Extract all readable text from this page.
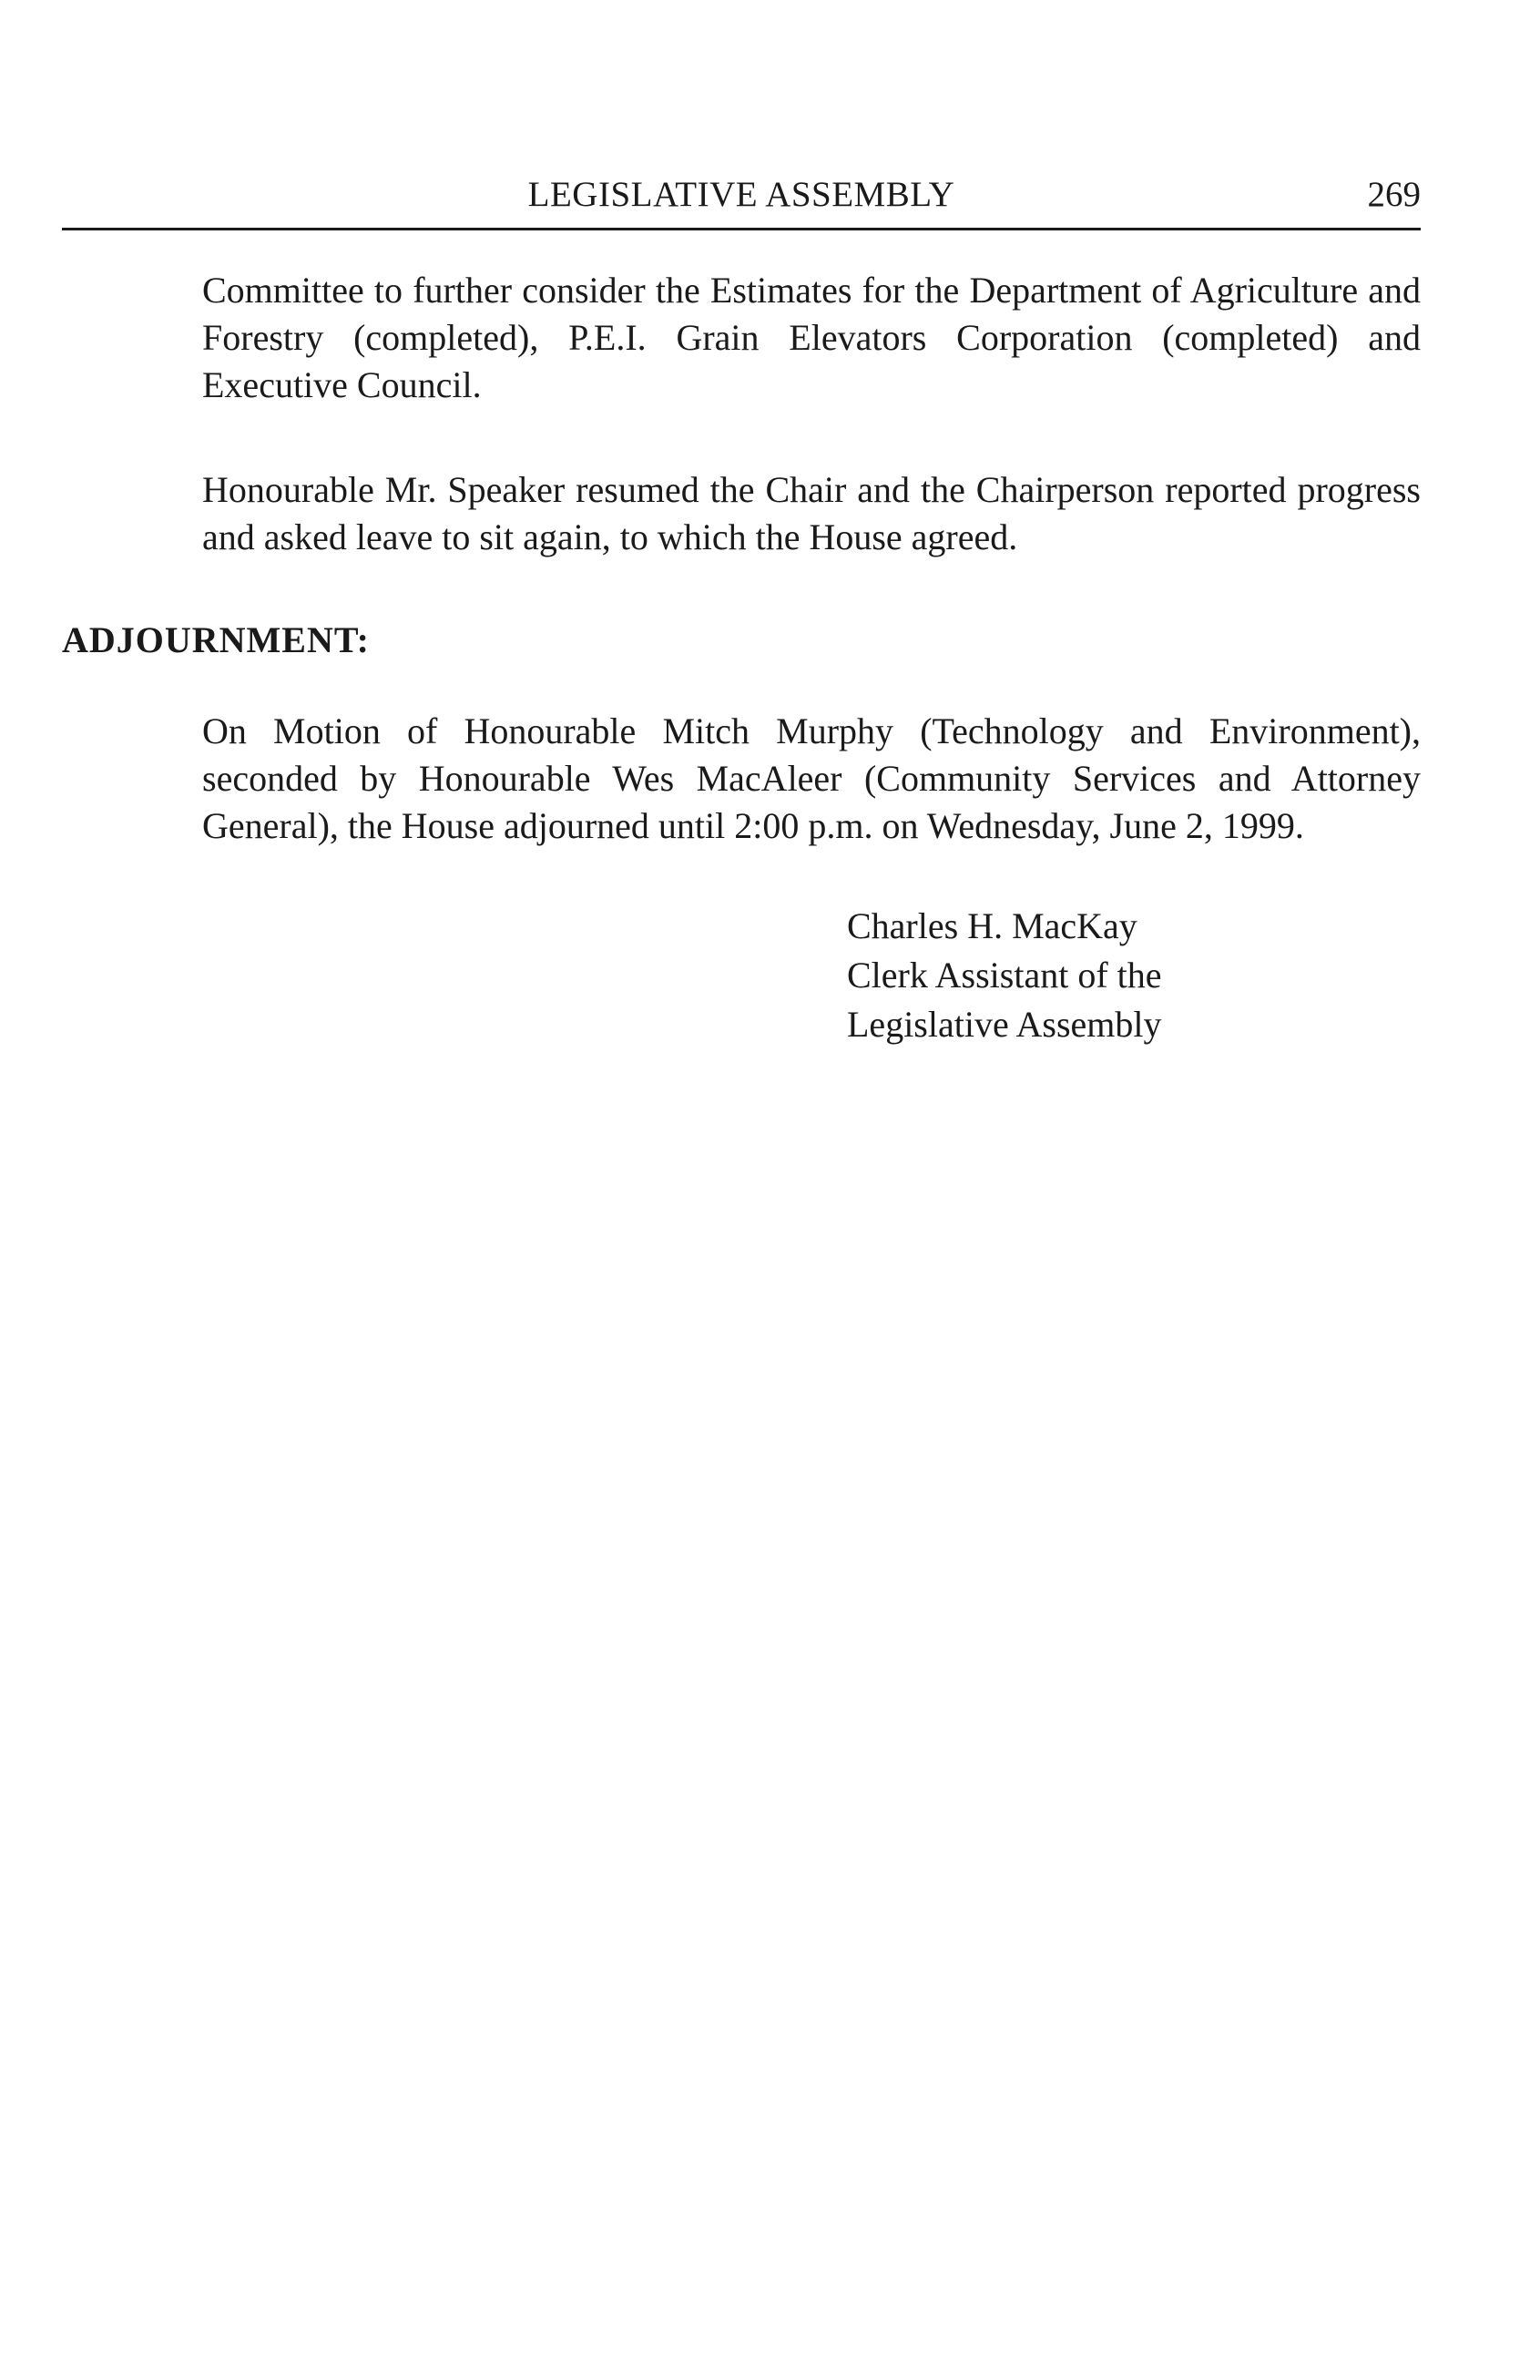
LEGISLATIVE ASSEMBLY	269

Committee to further consider the Estimates for the Department of Agriculture and Forestry (completed), P.E.I. Grain Elevators Corporation (completed) and Executive Council.

Honourable Mr. Speaker resumed the Chair and the Chairperson reported progress and asked leave to sit again, to which the House agreed.

ADJOURNMENT:

On Motion of Honourable Mitch Murphy (Technology and Environment), seconded by Honourable Wes MacAleer (Community Services and Attorney General), the House adjourned until 2:00 p.m. on Wednesday, June 2, 1999.

Charles H. MacKay
Clerk Assistant of the
Legislative Assembly
